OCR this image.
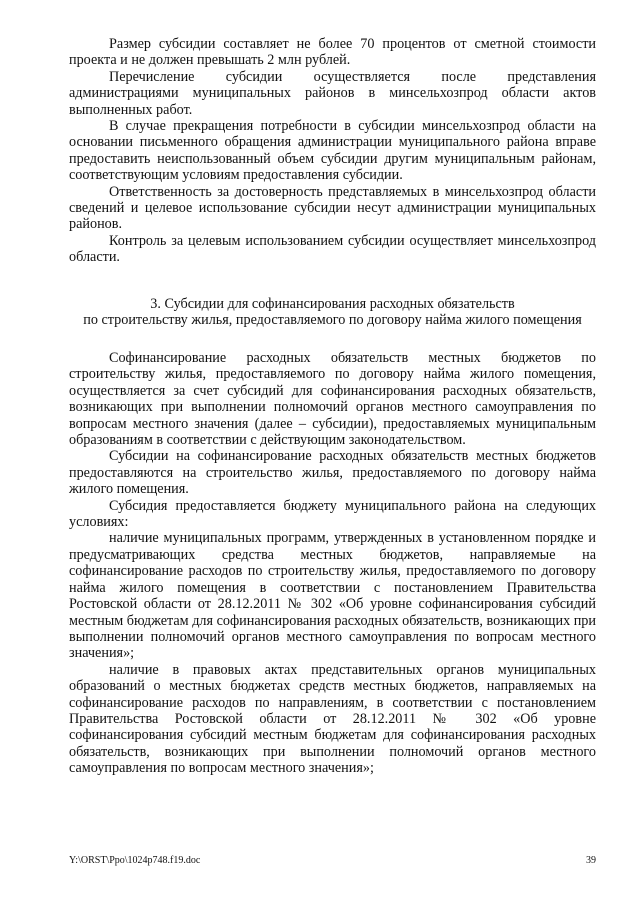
Размер субсидии составляет не более 70 процентов от сметной стоимости проекта и не должен превышать 2 млн рублей.

Перечисление субсидии осуществляется после представления администрациями муниципальных районов в минсельхозпрод области актов выполненных работ.

В случае прекращения потребности в субсидии минсельхозпрод области на основании письменного обращения администрации муниципального района вправе предоставить неиспользованный объем субсидии другим муниципальным районам, соответствующим условиям предоставления субсидии.

Ответственность за достоверность представляемых в минсельхозпрод области сведений и целевое использование субсидии несут администрации муниципальных районов.

Контроль за целевым использованием субсидии осуществляет минсельхозпрод области.

3. Субсидии для софинансирования расходных обязательств
по строительству жилья, предоставляемого по договору найма жилого помещения

Софинансирование расходных обязательств местных бюджетов по строительству жилья, предоставляемого по договору найма жилого помещения, осуществляется за счет субсидий для софинансирования расходных обязательств, возникающих при выполнении полномочий органов местного самоуправления по вопросам местного значения (далее – субсидии), предоставляемых муниципальным образованиям в соответствии с действующим законодательством.

Субсидии на софинансирование расходных обязательств местных бюджетов предоставляются на строительство жилья, предоставляемого по договору найма жилого помещения.

Субсидия предоставляется бюджету муниципального района на следующих условиях:

наличие муниципальных программ, утвержденных в установленном порядке и предусматривающих средства местных бюджетов, направляемые на софинансирование расходов по строительству жилья, предоставляемого по договору найма жилого помещения в соответствии с постановлением Правительства Ростовской области от 28.12.2011 № 302 «Об уровне софинансирования субсидий местным бюджетам для софинансирования расходных обязательств, возникающих при выполнении полномочий органов местного самоуправления по вопросам местного значения»;

наличие в правовых актах представительных органов муниципальных образований о местных бюджетах средств местных бюджетов, направляемых на софинансирование расходов по направлениям, в соответствии с постановлением Правительства Ростовской области от 28.12.2011 № 302 «Об уровне софинансирования субсидий местным бюджетам для софинансирования расходных обязательств, возникающих при выполнении полномочий органов местного самоуправления по вопросам местного значения»;

Y:\ORST\Ppo\1024p748.f19.doc	39
